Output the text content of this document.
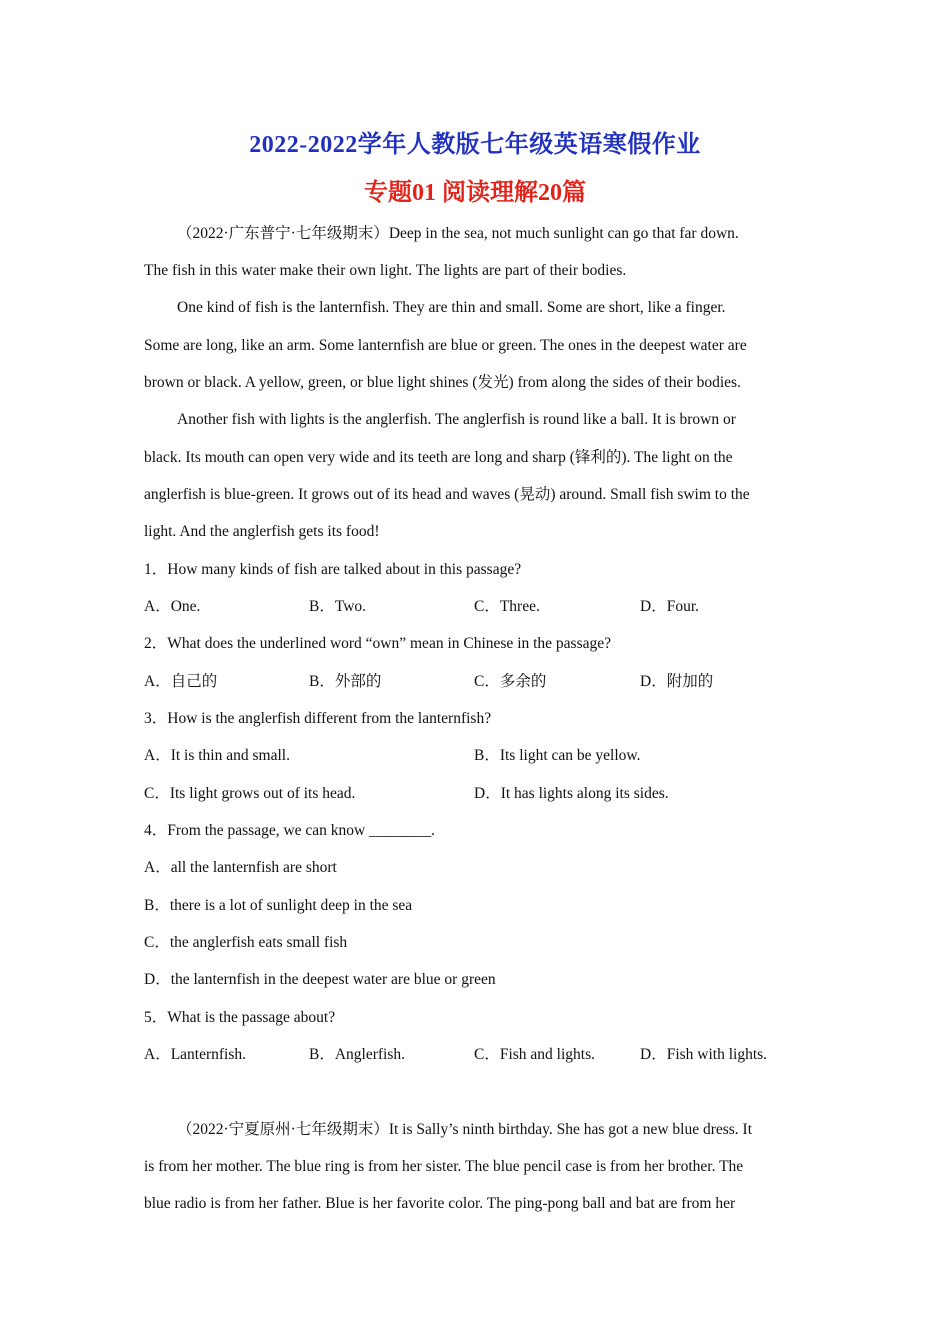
2022-2022学年人教版七年级英语寒假作业
专题01 阅读理解20篇
（2022·广东普宁·七年级期末）Deep in the sea, not much sunlight can go that far down.
The fish in this water make their own light. The lights are part of their bodies.
One kind of fish is the lanternfish. They are thin and small. Some are short, like a finger.
Some are long, like an arm. Some lanternfish are blue or green. The ones in the deepest water are
brown or black. A yellow, green, or blue light shines (发光) from along the sides of their bodies.
Another fish with lights is the anglerfish. The anglerfish is round like a ball. It is brown or
black. Its mouth can open very wide and its teeth are long and sharp (锋利的). The light on the
anglerfish is blue-green. It grows out of its head and waves (晃动) around. Small fish swim to the
light. And the anglerfish gets its food!
1．How many kinds of fish are talked about in this passage?
A．One.	B．Two.	C．Three.	D．Four.
2．What does the underlined word “own” mean in Chinese in the passage?
A．自己的	B．外部的	C．多余的	D．附加的
3．How is the anglerfish different from the lanternfish?
A．It is thin and small.	B．Its light can be yellow.
C．Its light grows out of its head.	D．It has lights along its sides.
4．From the passage, we can know ________.
A．all the lanternfish are short
B．there is a lot of sunlight deep in the sea
C．the anglerfish eats small fish
D．the lanternfish in the deepest water are blue or green
5．What is the passage about?
A．Lanternfish.	B．Anglerfish.	C．Fish and lights.	D．Fish with lights.
（2022·宁夏原州·七年级期末）It is Sally’s ninth birthday. She has got a new blue dress. It
is from her mother. The blue ring is from her sister. The blue pencil case is from her brother. The
blue radio is from her father. Blue is her favorite color. The ping-pong ball and bat are from her
